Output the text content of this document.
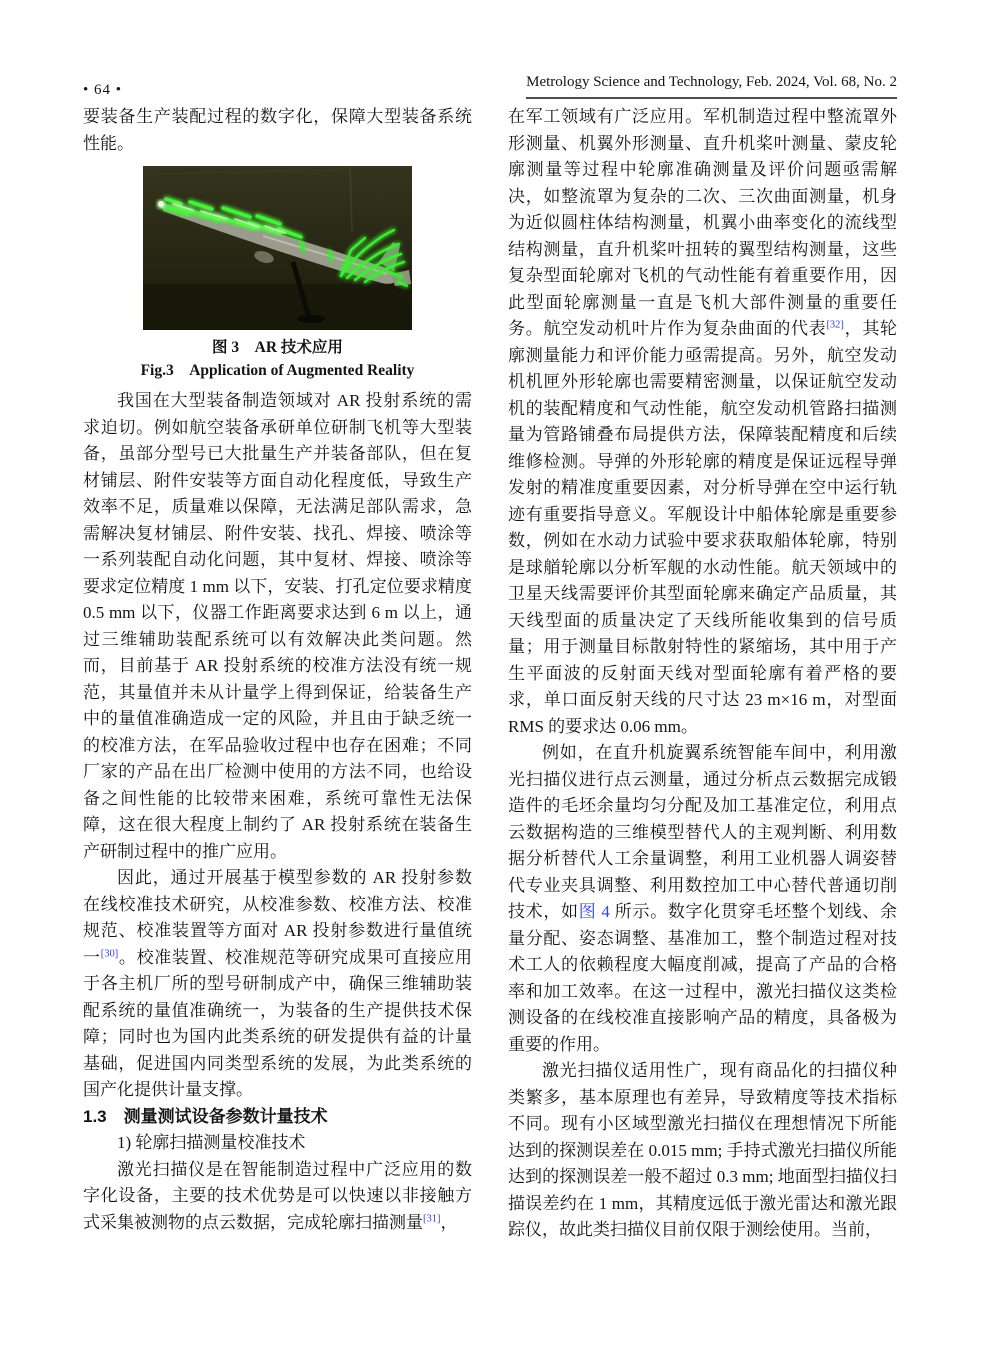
• 64 •	Metrology Science and Technology, Feb. 2024, Vol. 68, No. 2

要装备生产装配过程的数字化，保障大型装备系统性能。

图 3　AR 技术应用
Fig.3　Application of Augmented Reality

我国在大型装备制造领域对 AR 投射系统的需求迫切。例如航空装备承研单位研制飞机等大型装备，虽部分型号已大批量生产并装备部队，但在复材铺层、附件安装等方面自动化程度低，导致生产效率不足，质量难以保障，无法满足部队需求，急需解决复材铺层、附件安装、找孔、焊接、喷涂等一系列装配自动化问题，其中复材、焊接、喷涂等要求定位精度 1 mm 以下，安装、打孔定位要求精度 0.5 mm 以下，仪器工作距离要求达到 6 m 以上，通过三维辅助装配系统可以有效解决此类问题。然而，目前基于 AR 投射系统的校准方法没有统一规范，其量值并未从计量学上得到保证，给装备生产中的量值准确造成一定的风险，并且由于缺乏统一的校准方法，在军品验收过程中也存在困难；不同厂家的产品在出厂检测中使用的方法不同，也给设备之间性能的比较带来困难，系统可靠性无法保障，这在很大程度上制约了 AR 投射系统在装备生产研制过程中的推广应用。

因此，通过开展基于模型参数的 AR 投射参数在线校准技术研究，从校准参数、校准方法、校准规范、校准装置等方面对 AR 投射参数进行量值统一[30]。校准装置、校准规范等研究成果可直接应用于各主机厂所的型号研制成产中，确保三维辅助装配系统的量值准确统一，为装备的生产提供技术保障；同时也为国内此类系统的研发提供有益的计量基础，促进国内同类型系统的发展，为此类系统的国产化提供计量支撑。

1.3　测量测试设备参数计量技术

1) 轮廓扫描测量校准技术

激光扫描仪是在智能制造过程中广泛应用的数字化设备，主要的技术优势是可以快速以非接触方式采集被测物的点云数据，完成轮廓扫描测量[31]，

在军工领域有广泛应用。军机制造过程中整流罩外形测量、机翼外形测量、直升机桨叶测量、蒙皮轮廓测量等过程中轮廓准确测量及评价问题亟需解决，如整流罩为复杂的二次、三次曲面测量，机身为近似圆柱体结构测量，机翼小曲率变化的流线型结构测量，直升机桨叶扭转的翼型结构测量，这些复杂型面轮廓对飞机的气动性能有着重要作用，因此型面轮廓测量一直是飞机大部件测量的重要任务。航空发动机叶片作为复杂曲面的代表[32]，其轮廓测量能力和评价能力亟需提高。另外，航空发动机机匣外形轮廓也需要精密测量，以保证航空发动机的装配精度和气动性能，航空发动机管路扫描测量为管路铺叠布局提供方法，保障装配精度和后续维修检测。导弹的外形轮廓的精度是保证远程导弹发射的精准度重要因素，对分析导弹在空中运行轨迹有重要指导意义。军舰设计中船体轮廓是重要参数，例如在水动力试验中要求获取船体轮廓，特别是球艏轮廓以分析军舰的水动性能。航天领域中的卫星天线需要评价其型面轮廓来确定产品质量，其天线型面的质量决定了天线所能收集到的信号质量；用于测量目标散射特性的紧缩场，其中用于产生平面波的反射面天线对型面轮廓有着严格的要求，单口面反射天线的尺寸达 23 m×16 m，对型面 RMS 的要求达 0.06 mm。

例如，在直升机旋翼系统智能车间中，利用激光扫描仪进行点云测量，通过分析点云数据完成锻造件的毛坯余量均匀分配及加工基准定位，利用点云数据构造的三维模型替代人的主观判断、利用数据分析替代人工余量调整，利用工业机器人调姿替代专业夹具调整、利用数控加工中心替代普通切削技术，如图 4 所示。数字化贯穿毛坯整个划线、余量分配、姿态调整、基准加工，整个制造过程对技术工人的依赖程度大幅度削减，提高了产品的合格率和加工效率。在这一过程中，激光扫描仪这类检测设备的在线校准直接影响产品的精度，具备极为重要的作用。

激光扫描仪适用性广，现有商品化的扫描仪种类繁多，基本原理也有差异，导致精度等技术指标不同。现有小区域型激光扫描仪在理想情况下所能达到的探测误差在 0.015 mm; 手持式激光扫描仪所能达到的探测误差一般不超过 0.3 mm; 地面型扫描仪扫描误差约在 1 mm，其精度远低于激光雷达和激光跟踪仪，故此类扫描仪目前仅限于测绘使用。当前，
